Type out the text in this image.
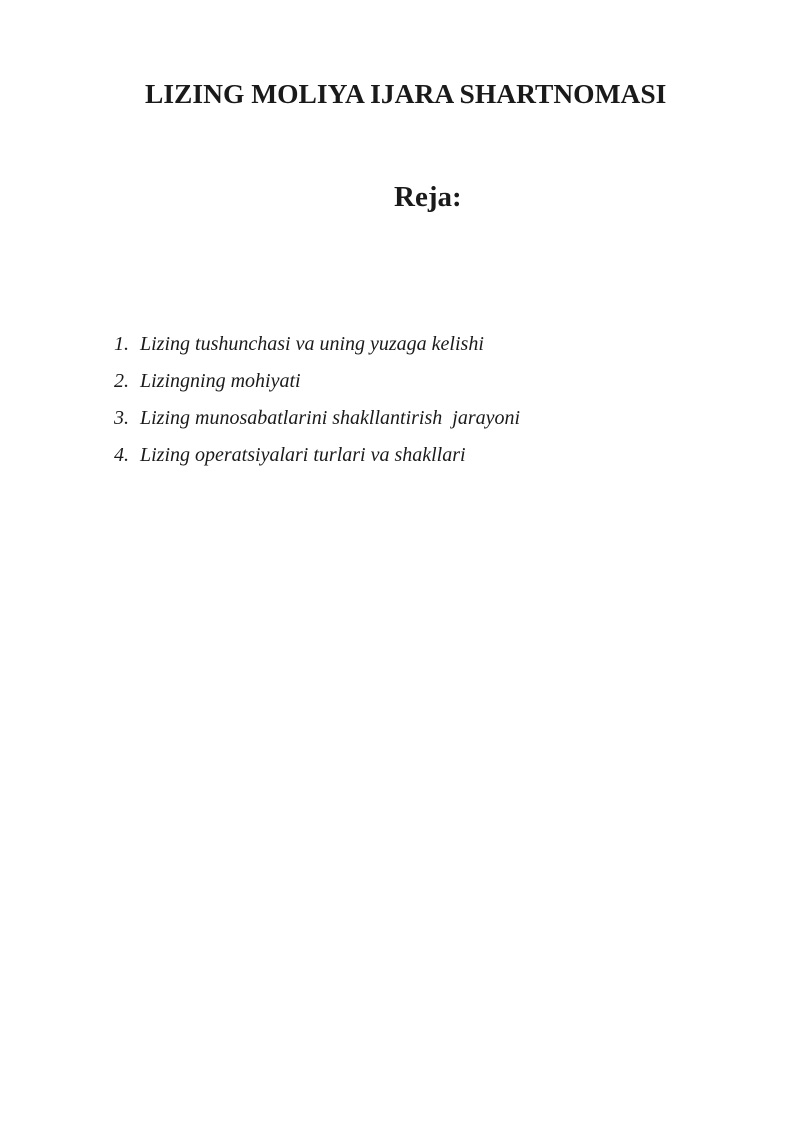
LIZING MOLIYA IJARA SHARTNOMASI
Reja:
1. Lizing tushunchasi va uning yuzaga kelishi
2. Lizingning mohiyati
3. Lizing munosabatlarini shakllantirish  jarayoni
4. Lizing operatsiyalari turlari va shakllari
